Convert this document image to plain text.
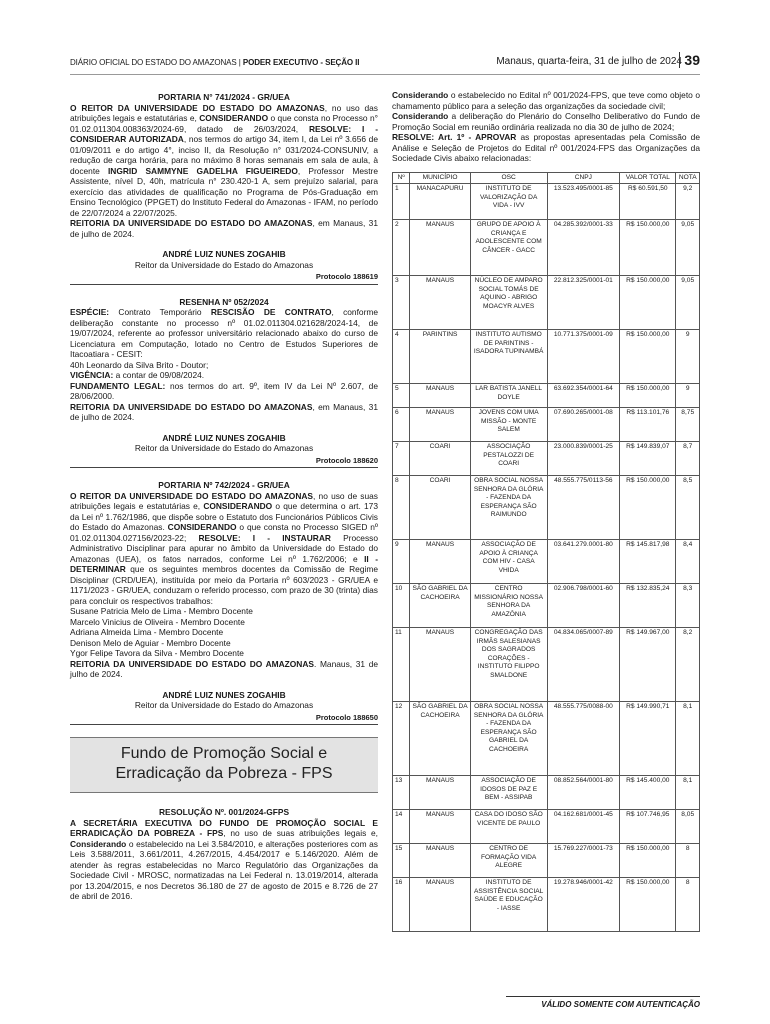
DIÁRIO OFICIAL DO ESTADO DO AMAZONAS | PODER EXECUTIVO - SEÇÃO II	Manaus, quarta-feira, 31 de julho de 2024 39

PORTARIA N° 741/2024 - GR/UEA

O REITOR DA UNIVERSIDADE DO ESTADO DO AMAZONAS, no uso das atribuições legais e estatutárias e, CONSIDERANDO o que consta no Processo n° 01.02.011304.008363/2024-69, datado de 26/03/2024, RESOLVE: I - CONSIDERAR AUTORIZADA, nos termos do artigo 34, item I, da Lei nº 3.656 de 01/09/2011 e do artigo 4°, inciso II, da Resolução n° 031/2024-CONSUNIV, a redução de carga horária, para no máximo 8 horas semanais em sala de aula, à docente INGRID SAMMYNE GADELHA FIGUEIREDO, Professor Mestre Assistente, nível D, 40h, matrícula n° 230.420-1 A, sem prejuízo salarial, para exercício das atividades de qualificação no Programa de Pós-Graduação em Ensino Tecnológico (PPGET) do Instituto Federal do Amazonas - IFAM, no período de 22/07/2024 a 22/07/2025.

REITORIA DA UNIVERSIDADE DO ESTADO DO AMAZONAS, em Manaus, 31 de julho de 2024.

ANDRÉ LUIZ NUNES ZOGAHIB

Reitor da Universidade do Estado do Amazonas

Protocolo 188619

RESENHA Nº 052/2024

ESPÉCIE: Contrato Temporário RESCISÃO DE CONTRATO, conforme deliberação constante no processo nº 01.02.011304.021628/2024-14, de 19/07/2024, referente ao professor universitário relacionado abaixo do curso de Licenciatura em Computação, lotado no Centro de Estudos Superiores de Itacoatiara - CESIT:

40h Leonardo da Silva Brito - Doutor;

VIGÊNCIA: a contar de 09/08/2024.

FUNDAMENTO LEGAL: nos termos do art. 9º, item IV da Lei Nº 2.607, de 28/06/2000.

REITORIA DA UNIVERSIDADE DO ESTADO DO AMAZONAS, em Manaus, 31 de julho de 2024.

ANDRÉ LUIZ NUNES ZOGAHIB

Reitor da Universidade do Estado do Amazonas

Protocolo 188620

PORTARIA Nº 742/2024 - GR/UEA

O REITOR DA UNIVERSIDADE DO ESTADO DO AMAZONAS, no uso de suas atribuições legais e estatutárias e, CONSIDERANDO o que determina o art. 173 da Lei nº 1.762/1986, que dispõe sobre o Estatuto dos Funcionários Públicos Civis do Estado do Amazonas. CONSIDERANDO o que consta no Processo SIGED nº 01.02.011304.027156/2023-22; RESOLVE: I - INSTAURAR Processo Administrativo Disciplinar para apurar no âmbito da Universidade do Estado do Amazonas (UEA), os fatos narrados, conforme Lei nº 1.762/2006; e II - DETERMINAR que os seguintes membros docentes da Comissão de Regime Disciplinar (CRD/UEA), instituída por meio da Portaria nº 603/2023 - GR/UEA e 1171/2023 - GR/UEA, conduzam o referido processo, com prazo de 30 (trinta) dias para concluir os respectivos trabalhos:

Susane Patricia Melo de Lima - Membro Docente

Marcelo Vinicius de Oliveira - Membro Docente

Adriana Almeida Lima - Membro Docente

Denison Melo de Aguiar - Membro Docente

Ygor Felipe Tavora da Silva - Membro Docente

REITORIA DA UNIVERSIDADE DO ESTADO DO AMAZONAS. Manaus, 31 de julho de 2024.

ANDRÉ LUIZ NUNES ZOGAHIB

Reitor da Universidade do Estado do Amazonas

Protocolo 188650

Fundo de Promoção Social e

Erradicação da Pobreza - FPS

RESOLUÇÃO Nº. 001/2024-GFPS

A SECRETÁRIA EXECUTIVA DO FUNDO DE PROMOÇÃO SOCIAL E ERRADICAÇÃO DA POBREZA - FPS, no uso de suas atribuições legais e, Considerando o estabelecido na Lei 3.584/2010, e alterações posteriores com as Leis 3.588/2011, 3.661/2011, 4.267/2015, 4.454/2017 e 5.146/2020. Além de atender às regras estabelecidas no Marco Regulatório das Organizações da Sociedade Civil - MROSC, normatizadas na Lei Federal n. 13.019/2014, alterada por 13.204/2015, e nos Decretos 36.180 de 27 de agosto de 2015 e 8.726 de 27 de abril de 2016.

Considerando o estabelecido no Edital nº 001/2024-FPS, que teve como objeto o chamamento público para a seleção das organizações da sociedade civil;

Considerando a deliberação do Plenário do Conselho Deliberativo do Fundo de Promoção Social em reunião ordinária realizada no dia 30 de julho de 2024;

RESOLVE: Art. 1º - APROVAR as propostas apresentadas pela Comissão de Análise e Seleção de Projetos do Edital nº 001/2024-FPS das Organizações da Sociedade Civis abaixo relacionadas:

Nº	MUNICÍPIO	OSC	CNPJ	VALOR TOTAL	NOTA
1	MANACAPURU	INSTITUTO DE VALORIZAÇÃO DA VIDA - IVV	13.523.495/0001-85	R$ 60.591,50	9,2
2	MANAUS	GRUPO DE APOIO À CRIANÇA E ADOLESCENTE COM CÂNCER - GACC	04.285.392/0001-33	R$ 150.000,00	9,05
3	MANAUS	NÚCLEO DE AMPARO SOCIAL TOMÁS DE AQUINO - ABRIGO MOACYR ALVES	22.812.325/0001-01	R$ 150.000,00	9,05
4	PARINTINS	INSTITUTO AUTISMO DE PARINTINS - ISADORA TUPINAMBÁ	10.771.375/0001-09	R$ 150.000,00	9
5	MANAUS	LAR BATISTA JANELL DOYLE	63.692.354/0001-64	R$ 150.000,00	9
6	MANAUS	JOVENS COM UMA MISSÃO - MONTE SALEM	07.690.265/0001-08	R$ 113.101,76	8,75
7	COARI	ASSOCIAÇÃO PESTALOZZI DE COARI	23.000.839/0001-25	R$ 149.839,07	8,7
8	COARI	OBRA SOCIAL NOSSA SENHORA DA GLÓRIA - FAZENDA DA ESPERANÇA SÃO RAIMUNDO	48.555.775/0113-56	R$ 150.000,00	8,5
9	MANAUS	ASSOCIAÇÃO DE APOIO À CRIANÇA COM HIV - CASA VHIDA	03.641.279.0001-80	R$ 145.817,98	8,4
10	SÃO GABRIEL DA CACHOEIRA	CENTRO MISSIONÁRIO NOSSA SENHORA DA AMAZÔNIA	02.906.798/0001-60	R$ 132.835,24	8,3
11	MANAUS	CONGREGAÇÃO DAS IRMÃS SALESIANAS DOS SAGRADOS CORAÇÕES - INSTITUTO FILIPPO SMALDONE	04.834.065/0007-89	R$ 149.967,00	8,2
12	SÃO GABRIEL DA CACHOEIRA	OBRA SOCIAL NOSSA SENHORA DA GLÓRIA - FAZENDA DA ESPERANÇA SÃO GABRIEL DA CACHOEIRA	48.555.775/0088-00	R$ 149.990,71	8,1
13	MANAUS	ASSOCIAÇÃO DE IDOSOS DE PAZ E BEM - ASSIPAB	08.852.564/0001-80	R$ 145.400,00	8,1
14	MANAUS	CASA DO IDOSO SÃO VICENTE DE PAULO	04.162.681/0001-45	R$ 107.746,95	8,05
15	MANAUS	CENTRO DE FORMAÇÃO VIDA ALEGRE	15.769.227/0001-73	R$ 150.000,00	8
16	MANAUS	INSTITUTO DE ASSISTÊNCIA SOCIAL SAÚDE E EDUCAÇÃO - IASSE	19.278.946/0001-42	R$ 150.000,00	8
VÁLIDO SOMENTE COM AUTENTICAÇÃO
